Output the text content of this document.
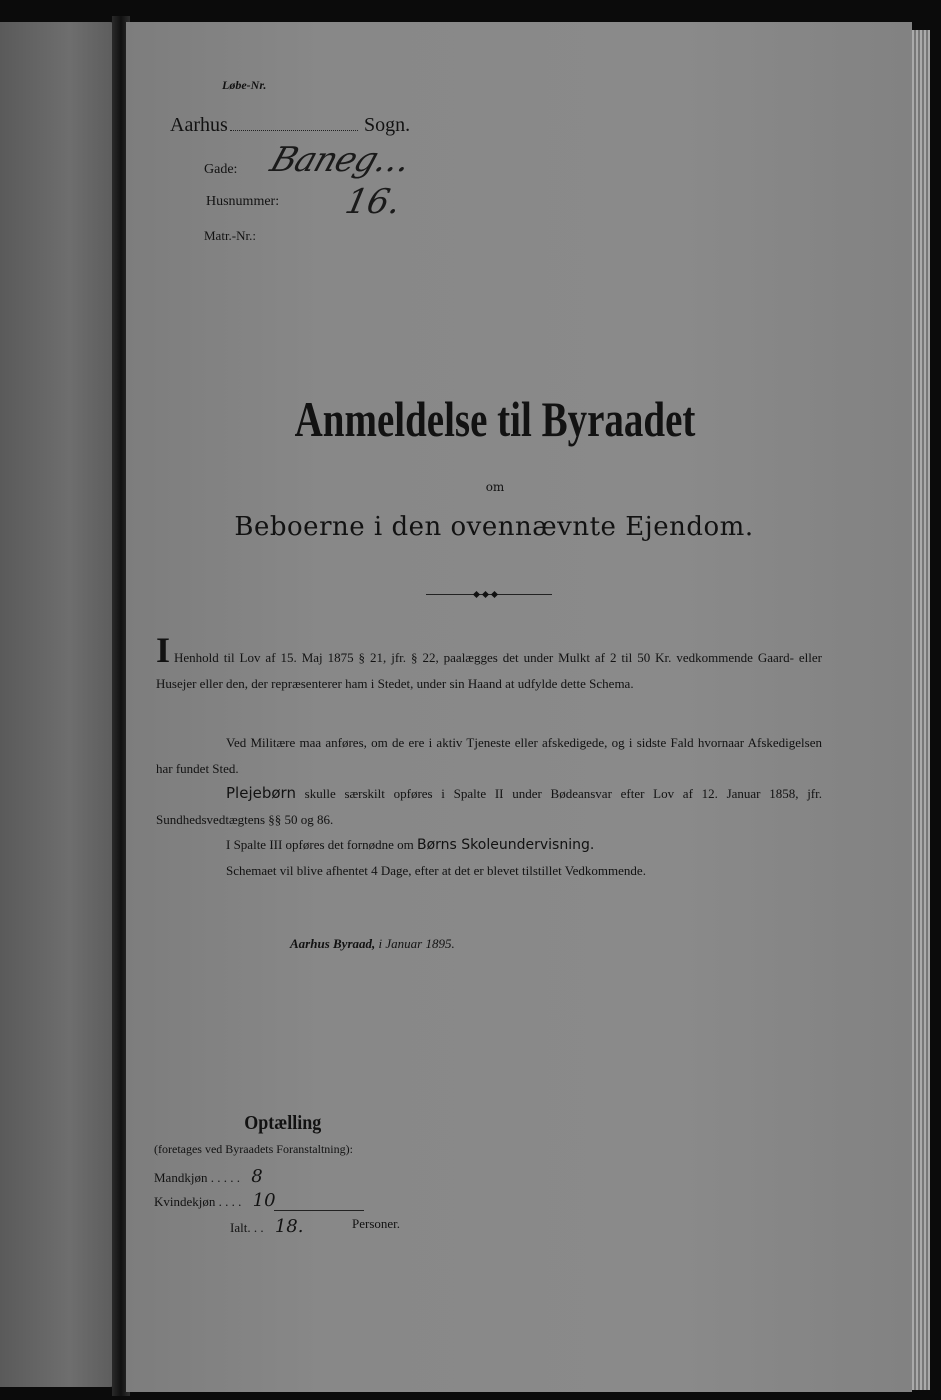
Løbe-Nr.
Aarhus	Sogn.
Gade: Baneg…
Husnummer: 16.
Matr.-Nr.:
Anmeldelse til Byraadet
om
Beboerne i den ovennævnte Ejendom.
I Henhold til Lov af 15. Maj 1875 § 21, jfr. § 22, paalægges det under Mulkt af 2 til 50 Kr. vedkommende Gaard- eller Husejer eller den, der repræsenterer ham i Stedet, under sin Haand at udfylde dette Schema.
Ved Militære maa anføres, om de ere i aktiv Tjeneste eller afskedigede, og i sidste Fald hvornaar Afskedigelsen har fundet Sted.
Plejebørn skulle særskilt opføres i Spalte II under Bødeansvar efter Lov af 12. Januar 1858, jfr. Sundhedsvedtægtens §§ 50 og 86.
I Spalte III opføres det fornødne om Børns Skoleundervisning.
Schemaet vil blive afhentet 4 Dage, efter at det er blevet tilstillet Vedkommende.
Aarhus Byraad, i Januar 1895.
Optælling
(foretages ved Byraadets Foranstaltning):
Mandkjøn . . . . . 8
Kvindekjøn . . . . 10
Ialt. . . 18.	Personer.
